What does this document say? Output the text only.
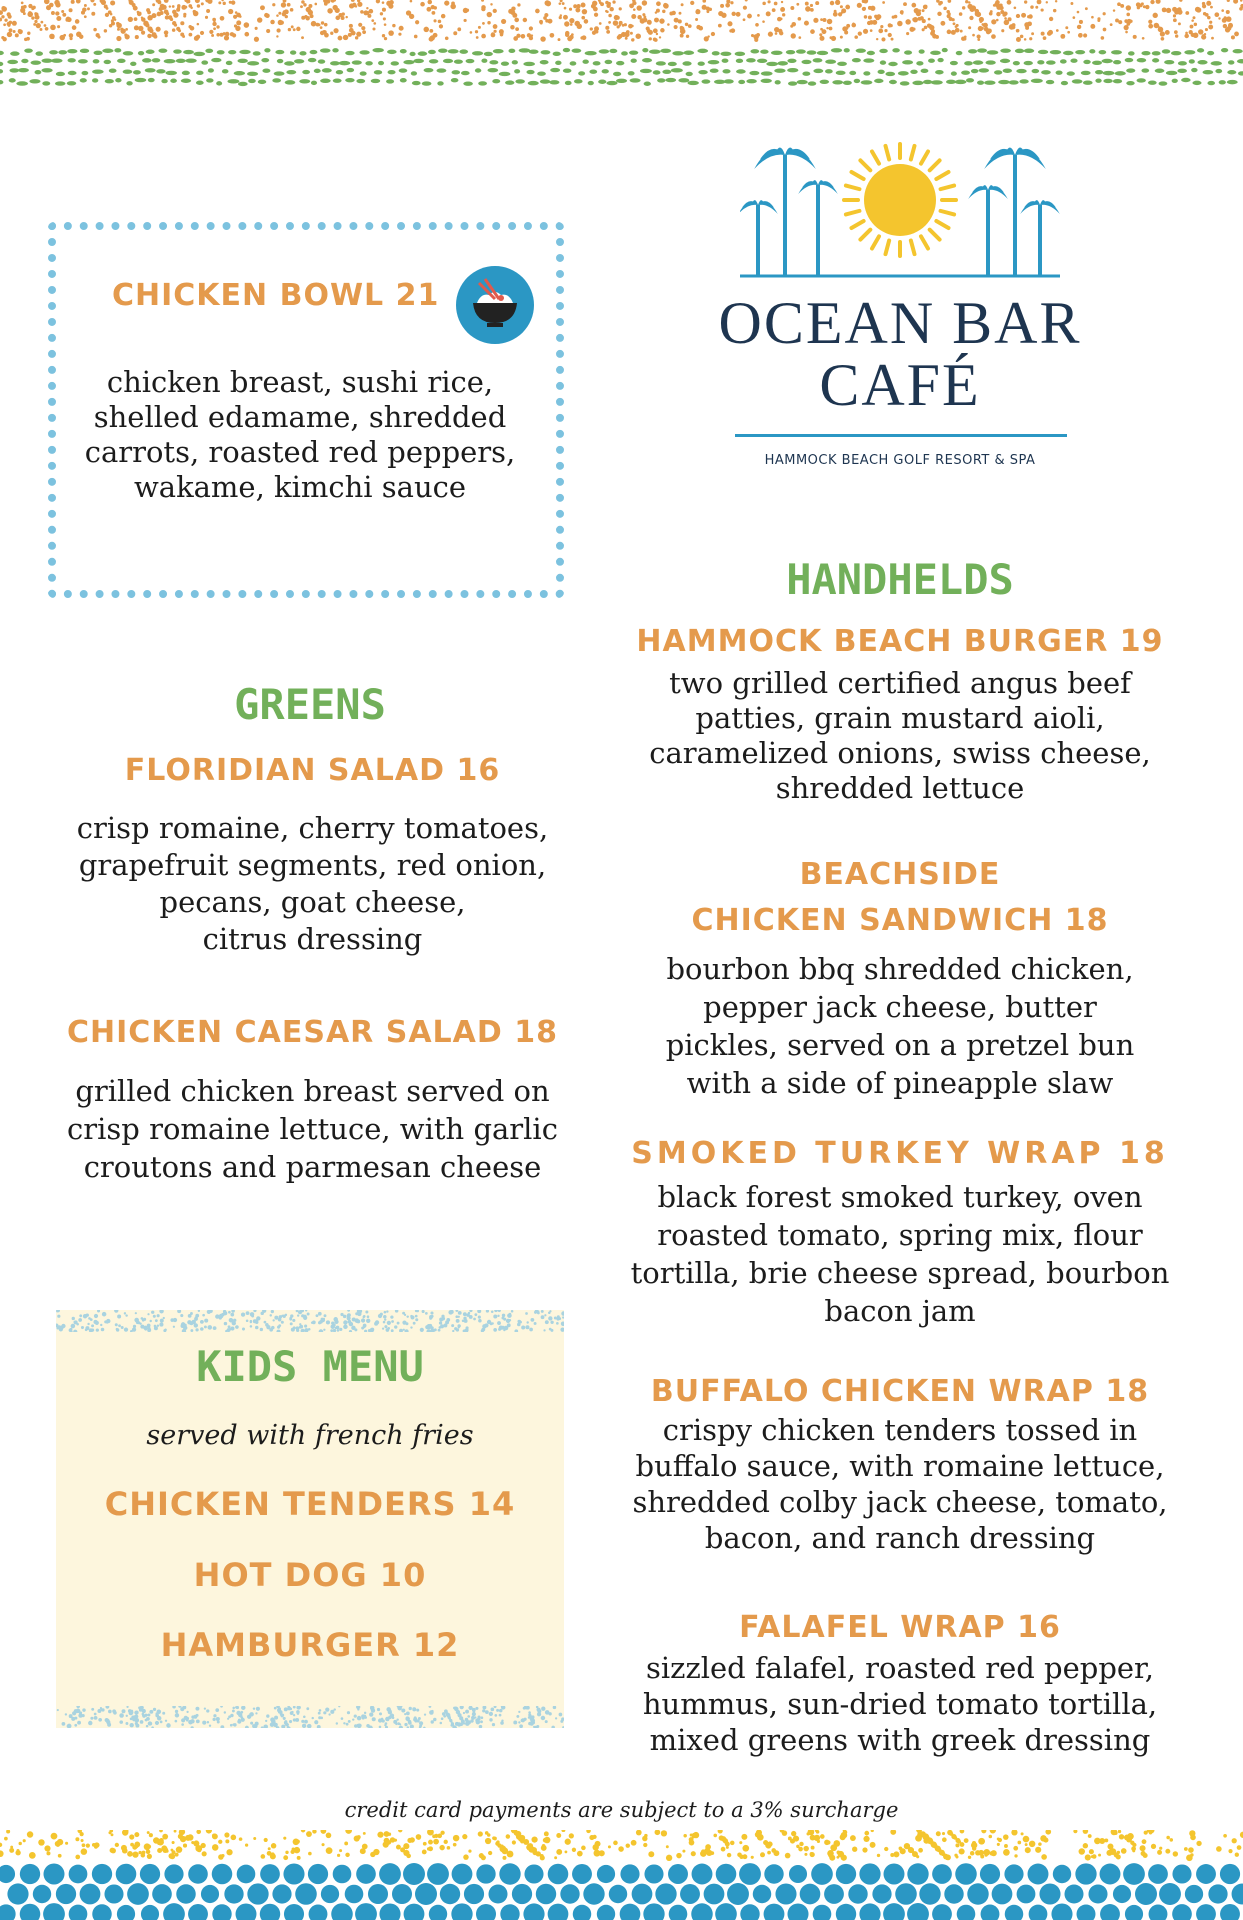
OCEAN BAR
CAFÉ
HAMMOCK BEACH GOLF RESORT & SPA
CHICKEN BOWL 21
chicken breast, sushi rice,
shelled edamame, shredded
carrots, roasted red peppers,
wakame, kimchi sauce
GREENS
FLORIDIAN SALAD 16
crisp romaine, cherry tomatoes,
grapefruit segments, red onion,
pecans, goat cheese,
citrus dressing
CHICKEN CAESAR SALAD 18
grilled chicken breast served on
crisp romaine lettuce, with garlic
croutons and parmesan cheese
KIDS MENU
served with french fries
CHICKEN TENDERS 14
HOT DOG 10
HAMBURGER 12
HANDHELDS
HAMMOCK BEACH BURGER 19
two grilled certified angus beef
patties, grain mustard aioli,
caramelized onions, swiss cheese,
shredded lettuce
BEACHSIDE
CHICKEN SANDWICH 18
bourbon bbq shredded chicken,
pepper jack cheese, butter
pickles, served on a pretzel bun
with a side of pineapple slaw
SMOKED TURKEY WRAP 18
black forest smoked turkey, oven
roasted tomato, spring mix, flour
tortilla, brie cheese spread, bourbon
bacon jam
BUFFALO CHICKEN WRAP 18
crispy chicken tenders tossed in
buffalo sauce, with romaine lettuce,
shredded colby jack cheese, tomato,
bacon, and ranch dressing
FALAFEL WRAP 16
sizzled falafel, roasted red pepper,
hummus, sun-dried tomato tortilla,
mixed greens with greek dressing
credit card payments are subject to a 3% surcharge
